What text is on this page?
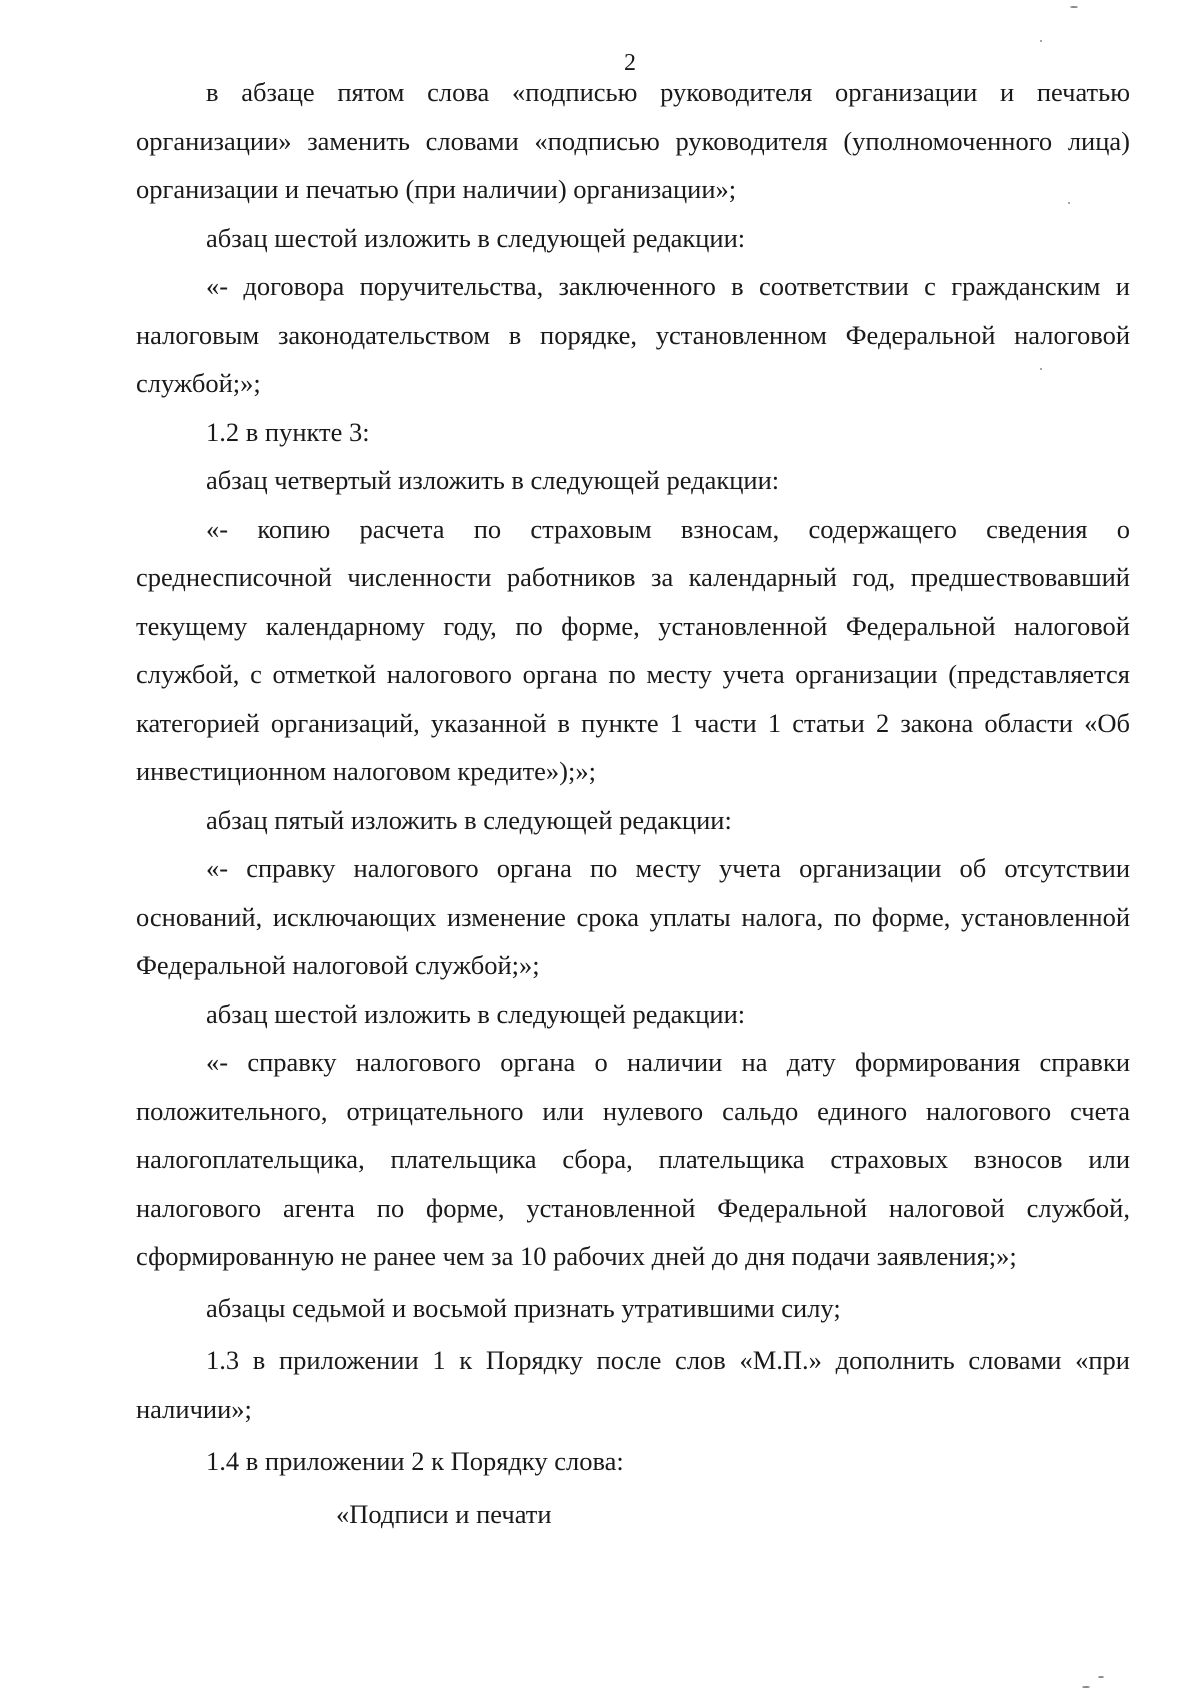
2

в абзаце пятом слова «подписью руководителя организации и печатью организации» заменить словами «подписью руководителя (уполномоченного лица) организации и печатью (при наличии) организации»;

абзац шестой изложить в следующей редакции:

«- договора поручительства, заключенного в соответствии с гражданским и налоговым законодательством в порядке, установленном Федеральной налоговой службой;»;

1.2 в пункте 3:

абзац четвертый изложить в следующей редакции:

«- копию расчета по страховым взносам, содержащего сведения о среднесписочной численности работников за календарный год, предшествовавший текущему календарному году, по форме, установленной Федеральной налоговой службой, с отметкой налогового органа по месту учета организации (представляется категорией организаций, указанной в пункте 1 части 1 статьи 2 закона области «Об инвестиционном налоговом кредите»);»;

абзац пятый изложить в следующей редакции:

«- справку налогового органа по месту учета организации об отсутствии оснований, исключающих изменение срока уплаты налога, по форме, установленной Федеральной налоговой службой;»;

абзац шестой изложить в следующей редакции:

«- справку налогового органа о наличии на дату формирования справки положительного, отрицательного или нулевого сальдо единого налогового счета налогоплательщика, плательщика сбора, плательщика страховых взносов или налогового агента по форме, установленной Федеральной налоговой службой, сформированную не ранее чем за 10 рабочих дней до дня подачи заявления;»;

абзацы седьмой и восьмой признать утратившими силу;

1.3 в приложении 1 к Порядку после слов «М.П.» дополнить словами «при наличии»;

1.4 в приложении 2 к Порядку слова:

«Подписи и печати
